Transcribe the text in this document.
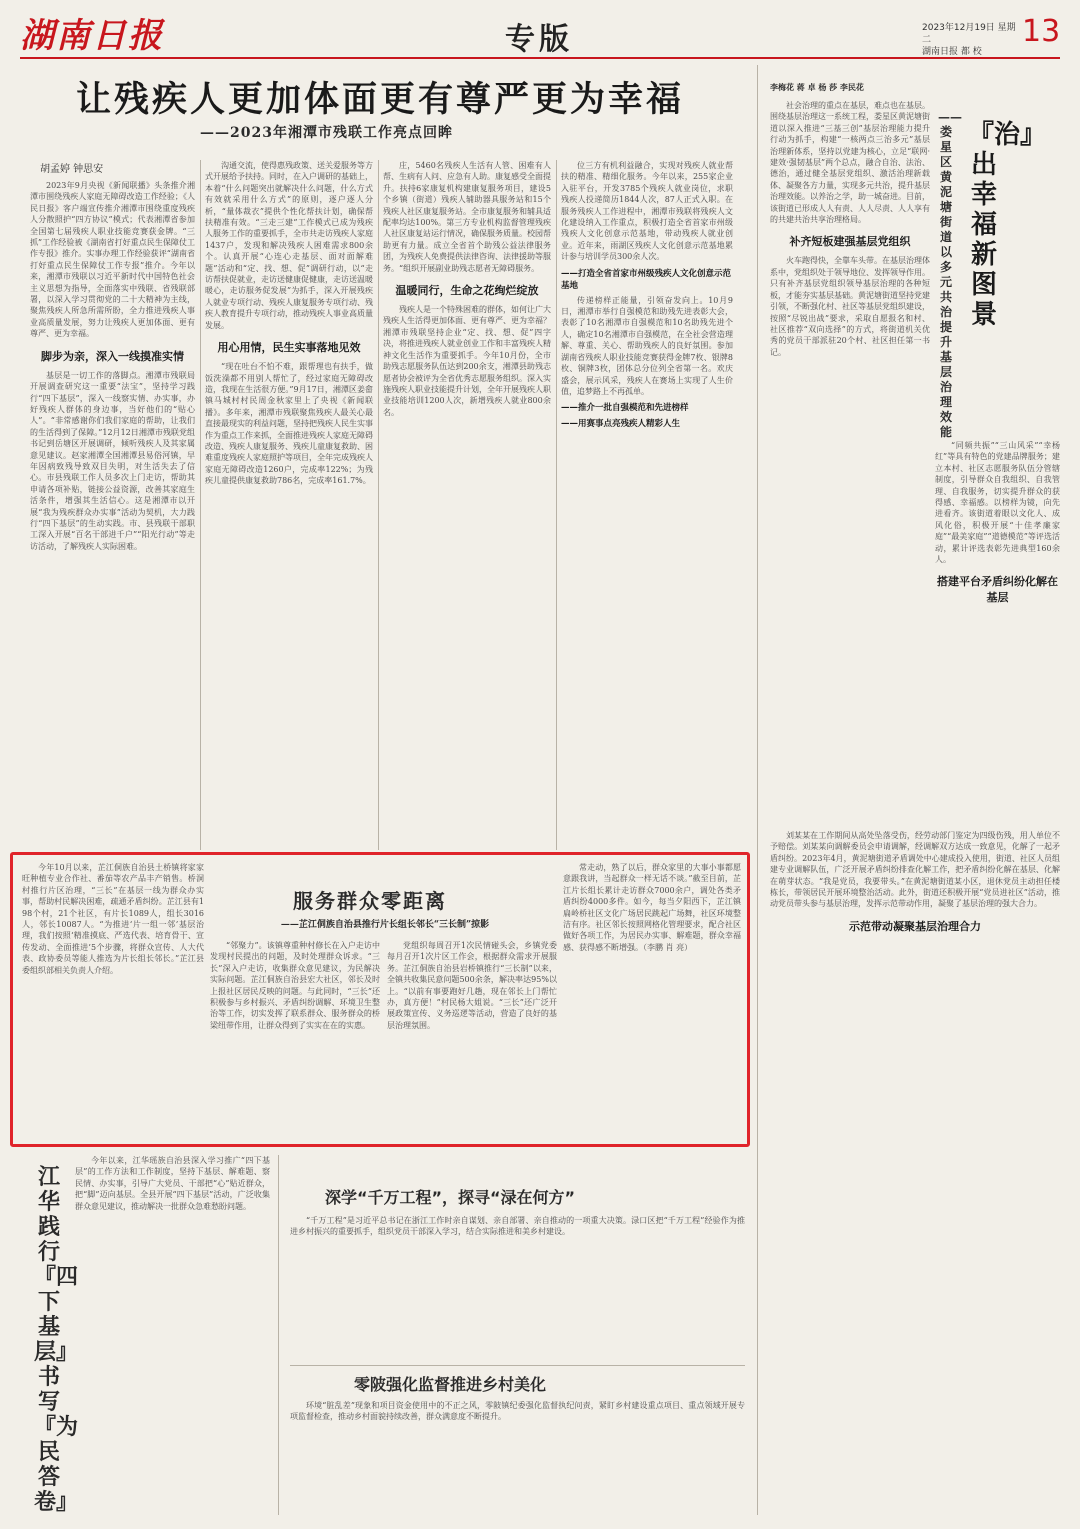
湖南日报	专版	2023年12月19日 星期二
湖南日报 都 校
13
让残疾人更加体面更有尊严更为幸福
——2023年湘潭市残联工作亮点回眸
胡孟婷 钟思安

2023年9月央视《新闻联播》头条推介湘潭市围绕残疾人家庭无障碍改造工作经验；《人民日报》客户端宣传推介湘潭市围绕重度残疾人分散照护“四方协议”模式；代表湘潭省参加全国第七届残疾人职业技能竞赛获金牌。“三抓”工作经验被《湖南省打好重点民生保障仗工作专报》推介。实事办理工作经验获评“湖南省打好重点民生保障仗工作专报”推介。今年以来，湘潭市残联以习近平新时代中国特色社会主义思想为指导，全面落实中残联、省残联部署，以深入学习贯彻党的二十大精神为主线，聚焦残疾人所急所需所盼，全力推进残疾人事业高质量发展，努力让残疾人更加体面、更有尊严、更为幸福。

脚步为亲，深入一线摸准实情

基层是一切工作的落脚点。湘潭市残联局开展调查研究这一重要“法宝”，坚持学习践行“四下基层”，深入一线察实情、办实事，办好残疾人群体的身边事，当好他们的“贴心人”。“非常感谢你们我们家庭的帮助，让我们的生活得到了保障。”12月12日湘潭市残联党组书记到岳塘区开展调研，倾听残疾人及其家属意见建议。赵家湘潭全国湘潭县易俗河镇，早年因病致残导致双目失明，对生活失去了信心。市县残联工作人员多次上门走访，帮助其申请各项补贴，链接公益资源，改善其家庭生活条件，增强其生活信心。这是湘潭市以开展“我为残疾群众办实事”活动为契机，大力践行“四下基层”的生动实践。市、县残联干部职工深入开展“百名干部进千户”“阳光行动”等走访活动，了解残疾人实际困难。

沟通交流，使得惠残政策、送关爱服务等方式开展给予扶持。同时，在入户调研的基础上，本着“什么问题突出就解决什么问题，什么方式有效就采用什么方式”的原则，逐户逐人分析，“量体裁衣”提供个性化帮扶计划，确保帮扶精准有效。“三走三建”工作模式已成为残疾人服务工作的重要抓手，全市共走访残疾人家庭1437户，发现和解决残疾人困难需求800余个。认真开展“心连心走基层、面对面解难题”活动和“定、找、想、促”调研行动，以“走访帮扶促就业，走访送健康促健康，走访送温暖暖心，走访服务促发展”为抓手，深入开展残疾人就业专项行动、残疾人康复服务专项行动、残疾人教育提升专项行动，推动残疾人事业高质量发展。

用心用情，民生实事落地见效

“现在吐台不怕不难，跟帮理也有扶手，做饭洗澡都不用别人帮忙了，经过家庭无障碍改造，我现在生活很方便。”9月17日，湘潭区姜畲镇马城村村民周金秋家里上了央视《新闻联播》。多年来，湘潭市残联聚焦残疾人最关心最直接最现实的利益问题，坚持把残疾人民生实事作为重点工作来抓，全面推进残疾人家庭无障碍改造、残疾人康复服务、残疾儿童康复救助、困难重度残疾人家庭照护等项目，全年完成残疾人家庭无障碍改造1260户，完成率122%；为残疾儿童提供康复救助786名，完成率161.7%。

庄，5460名残疾人生活有人管、困难有人帮、生病有人问、应急有人助。康复感受全面提升。扶持6家康复机构建康复服务项目，建设5个乡镇（街道）残疾人辅助器具服务站和15个残疾人社区康复服务站。全市康复服务和辅具适配率均达100%。第三方专业机构监督管理残疾人社区康复站运行情况，确保服务质量。校园帮助更有力量。成立全省首个助残公益法律服务团，为残疾人免费提供法律咨询、法律援助等服务。“组织开展副业助残志愿者无障碍服务。

温暖同行，生命之花绚烂绽放

残疾人是一个特殊困难的群体，如何让广大残疾人生活得更加体面、更有尊严、更为幸福？湘潭市残联坚持企业“定、找、想、促”四字决，将推进残疾人就业创业工作和丰富残疾人精神文化生活作为重要抓手。今年10月份，全市助残志愿服务队伍达到200余支，湘潭县助残志愿者协会被评为全省优秀志愿服务组织。深入实施残疾人职业技能提升计划，全年开展残疾人职业技能培训1200人次，新增残疾人就业800余名。

位三方有机利益融合，实现对残疾人就业帮扶的精准、精细化服务。今年以来，255家企业入驻平台，开发3785个残疾人就业岗位，求职残疾人投递简历1844人次，87人正式入职。在服务残疾人工作进程中，湘潭市残联将残疾人文化建设纳入工作重点，积极打造全省首家市州级残疾人文化创意示范基地，带动残疾人就业创业。近年来，雨湖区残疾人文化创意示范基地累计参与培训学员300余人次。

——打造全省首家市州级残疾人文化创意示范基地

传递榜样正能量，引领奋发向上。10月9日，湘潭市举行自强模范和助残先进表彰大会，表彰了10名湘潭市自强模范和10名助残先进个人，确定10名湘潭市自强模范，在全社会营造理解、尊重、关心、帮助残疾人的良好氛围。参加湖南省残疾人职业技能竞赛获得金牌7枚、银牌8枚、铜牌3枚，团体总分位列全省第一名。欢庆盛会，展示风采，残疾人在赛场上实现了人生价值，追梦路上不再孤单。

——推介一批自强模范和先进榜样
——用赛事点亮残疾人精彩人生
服务群众零距离
——芷江侗族自治县推行片长组长邻长“三长制”掠影

今年10月以来，芷江侗族自治县土桥镇将家家旺种植专业合作社、番茄等农产品丰产销售。桥洞村推行片区治理，“三长”在基层一线为群众办实事，帮助村民解决困难，疏通矛盾纠纷。芷江县有198个村，21个社区，有片长1089人，组长3016人，邻长10087人。“为推进‘片一组一邻’基层治理，我们按照‘精准摸底、严选代表、培育骨干、宣传发动、全面推进’5个步骤，将群众宣传、人大代表、政协委员等能人推选为片长组长邻长。”芷江县委组织部相关负责人介绍。

“邻聚力”。该镇尊重种村修长在入户走访中发现村民提出的问题，及时处理群众诉求。“三长”深入户走访，收集群众意见建议，为民解决实际问题。芷江侗族自治县宏大社区，邻长及时上报社区居民反映的问题。与此同时，“三长”还积极参与乡村振兴、矛盾纠纷调解、环境卫生整治等工作，切实发挥了联系群众、服务群众的桥梁纽带作用，让群众得到了实实在在的实惠。

党组织每周召开1次民情碰头会，乡镇党委每月召开1次片区工作会，根据群众需求开展服务。芷江侗族自治县岩桥镇推行“三长制”以来，全镇共收集民意问题500余条，解决率达95%以上。“以前有事要跑好几趟，现在邻长上门帮忙办，真方便！”村民杨大姐说。“三长”还广泛开展政策宣传、义务巡逻等活动，营造了良好的基层治理氛围。

常走动，熟了以后，群众家里的大事小事都愿意跟我讲，当起群众一样无话不谈。”截至目前，芷江片长组长累计走访群众7000余户，调处各类矛盾纠纷4000多件。如今，每当夕阳西下，芷江镇扁岭桥社区文化广场居民跳起广场舞，社区环境整洁有序。社区邻长按照网格化管理要求，配合社区做好各项工作，为居民办实事、解难题，群众幸福感、获得感不断增强。（李鹏 肖 亮）

李梅花 蒋 卓 杨 莎 李民花
『治』出幸福新图景
——娄星区黄泥塘街道以多元共治提升基层治理效能

社会治理的重点在基层，难点也在基层。围绕基层治理这一系统工程，娄星区黄泥塘街道以深入推进“三基三创”基层治理能力提升行动为抓手，构建“一核两点三治多元”基层治理新体系，坚持以党建为核心，立足“联网·建效·强韧基层”两个总点，融合自治、法治、德治，通过健全基层党组织、激活治理新载体、凝聚各方力量，实现多元共治，提升基层治理效能。以养治之学，助一城奋进。目前，该街道已形成人人有责、人人尽责、人人享有的共建共治共享治理格局。

补齐短板建强基层党组织

火车跑得快，全靠车头带。在基层治理体系中，党组织处于领导地位、发挥领导作用。只有补齐基层党组织领导基层治理的各种短板，才能夯实基层基础。黄泥塘街道坚持党建引领，不断强化村、社区等基层党组织建设，按照“尽锐出战”要求，采取自愿报名和村、社区推荐“双向选择”的方式，将街道机关优秀的党员干部派驻20个村、社区担任第一书记。

“同频共振”“三山风采”“幸杨红”等具有特色的党建品牌服务；建立本村、社区志愿服务队伍分管辖制度，引导群众自我组织、自我管理、自我服务，切实提升群众的获得感、幸福感。以榜样为镜，向先进看齐。该街道着眼以文化人、成风化俗，积极开展“十佳孝廉家庭”“最美家庭”“道德模范”等评选活动，累计评选表彰先进典型160余人。

搭建平台矛盾纠纷化解在基层

刘某某在工作期间从高处坠落受伤，经劳动部门鉴定为四级伤残，用人单位不予赔偿。刘某某向调解委员会申请调解，经调解双方达成一致意见，化解了一起矛盾纠纷。2023年4月，黄泥塘街道矛盾调处中心建成投入使用，街道、社区人员组建专业调解队伍，广泛开展矛盾纠纷排查化解工作，把矛盾纠纷化解在基层、化解在萌芽状态。“我是党员，我要带头。”在黄泥塘街道某小区，退休党员主动担任楼栋长，带领居民开展环境整治活动。此外，街道还积极开展“党员进社区”活动，推动党员带头参与基层治理，发挥示范带动作用，凝聚了基层治理的强大合力。

示范带动凝聚基层治理合力
江华践行『四下基层』书写『为民答卷』

今年以来，江华瑶族自治县深入学习推广“四下基层”的工作方法和工作制度，坚持下基层、解难题、察民情、办实事，引导广大党员、干部把“心”贴近群众，把“脚”迈向基层。全县开展“四下基层”活动，广泛收集群众意见建议，推动解决一批群众急难愁盼问题。	深学“千万工程”，探寻“渌在何方”

“千万工程”是习近平总书记在浙江工作时亲自谋划、亲自部署、亲自推动的一项重大决策。渌口区把“千万工程”经验作为推进乡村振兴的重要抓手，组织党员干部深入学习，结合实际推进和美乡村建设。

零陂强化监督推进乡村美化

环境“脏乱差”现象和项目资金使用中的不正之风，零陂镇纪委强化监督执纪问责，紧盯乡村建设重点项目、重点领域开展专项监督检查，推动乡村面貌持续改善，群众满意度不断提升。
